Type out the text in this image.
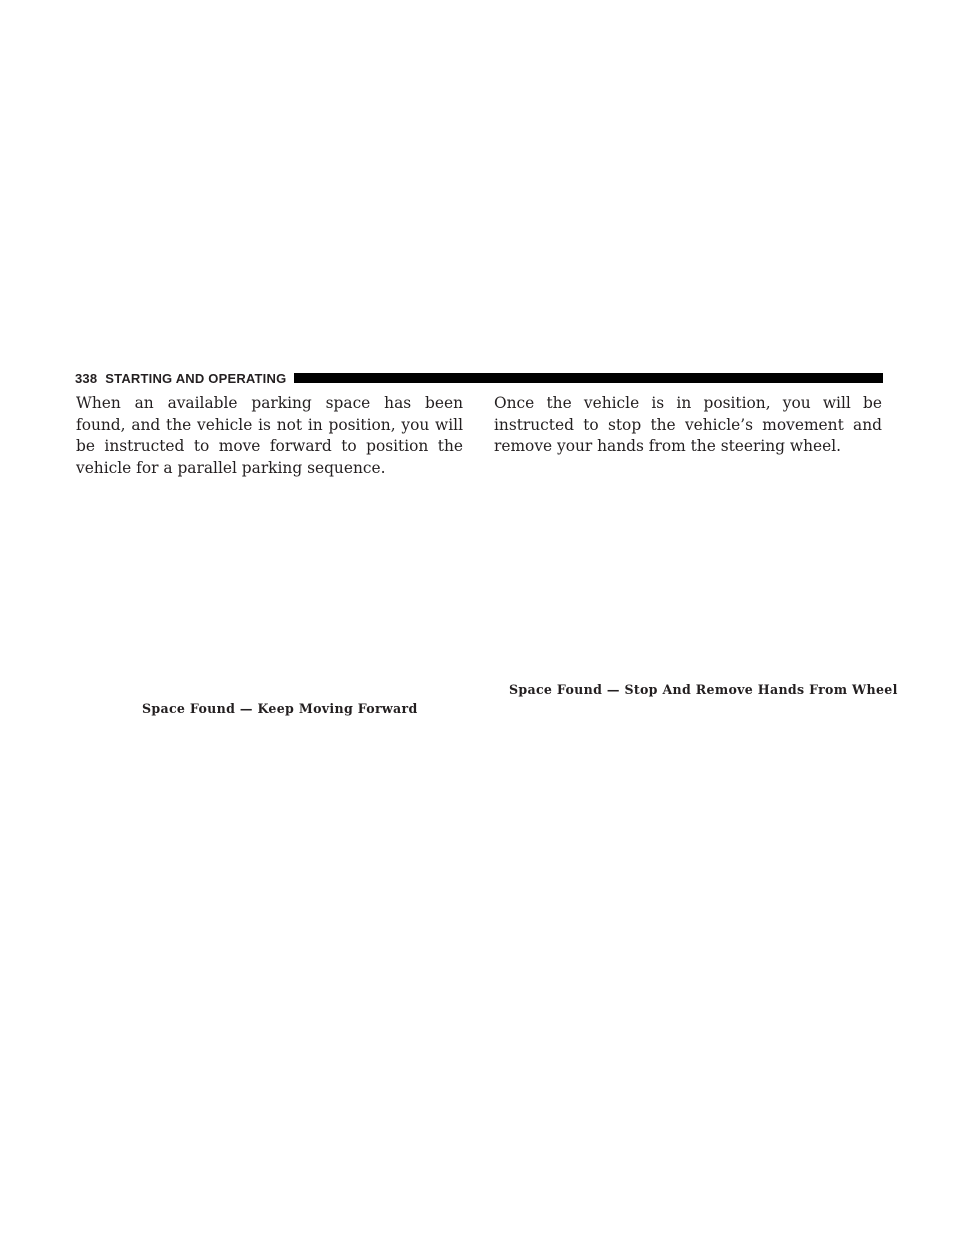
338 STARTING AND OPERATING

When an available parking space has been found, and the vehicle is not in position, you will be instructed to move forward to position the vehicle for a parallel parking sequence.

Space Found — Keep Moving Forward

Once the vehicle is in position, you will be instructed to stop the vehicle’s movement and remove your hands from the steering wheel.

Space Found — Stop And Remove Hands From Wheel
